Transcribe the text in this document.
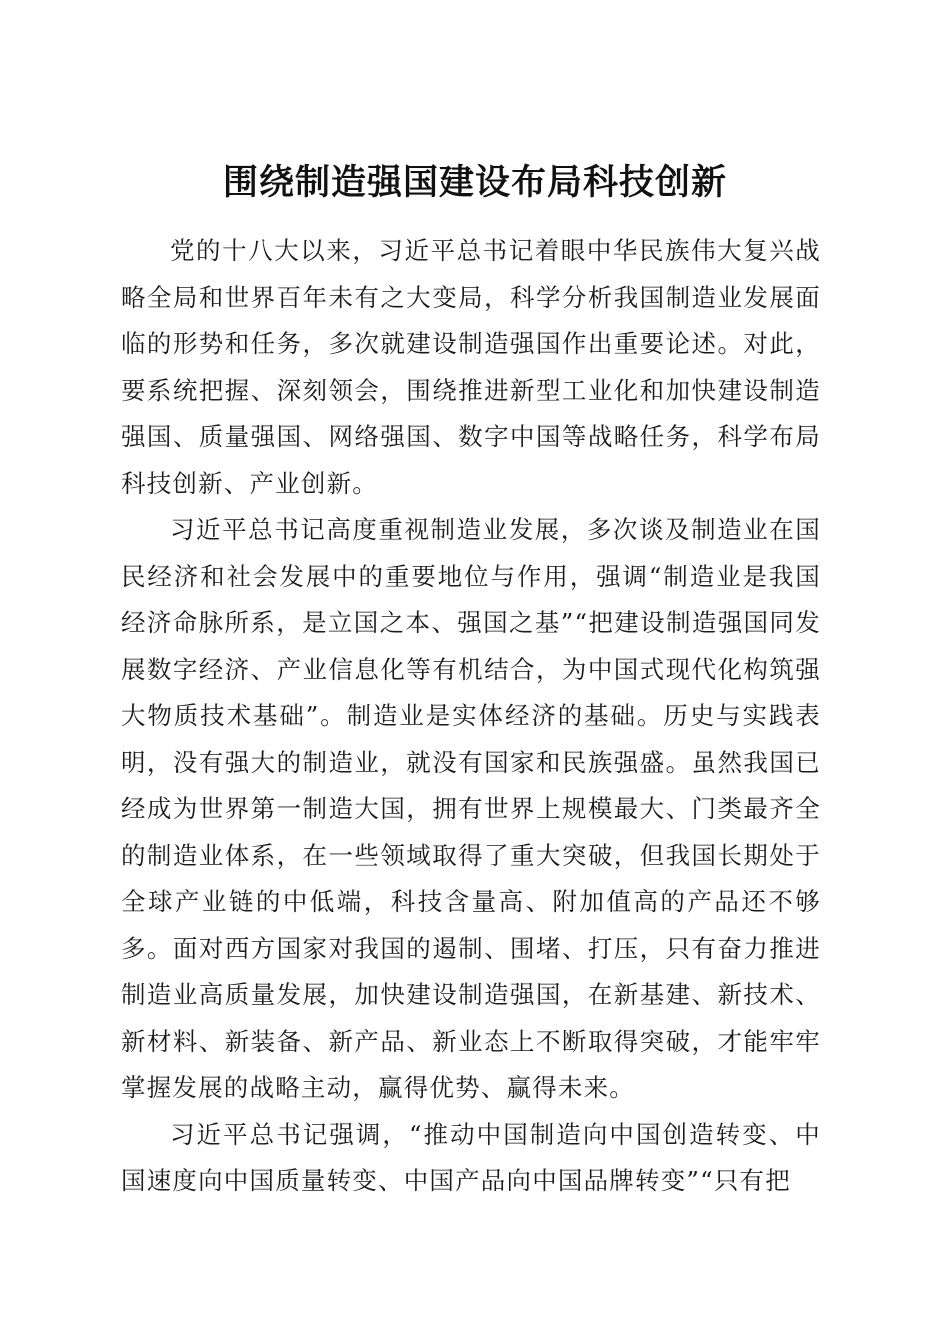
围绕制造强国建设布局科技创新

党的十八大以来，习近平总书记着眼中华民族伟大复兴战略全局和世界百年未有之大变局，科学分析我国制造业发展面临的形势和任务，多次就建设制造强国作出重要论述。对此，要系统把握、深刻领会，围绕推进新型工业化和加快建设制造强国、质量强国、网络强国、数字中国等战略任务，科学布局科技创新、产业创新。

习近平总书记高度重视制造业发展，多次谈及制造业在国民经济和社会发展中的重要地位与作用，强调“制造业是我国经济命脉所系，是立国之本、强国之基”“把建设制造强国同发展数字经济、产业信息化等有机结合，为中国式现代化构筑强大物质技术基础”。制造业是实体经济的基础。历史与实践表明，没有强大的制造业，就没有国家和民族强盛。虽然我国已经成为世界第一制造大国，拥有世界上规模最大、门类最齐全的制造业体系，在一些领域取得了重大突破，但我国长期处于全球产业链的中低端，科技含量高、附加值高的产品还不够多。面对西方国家对我国的遏制、围堵、打压，只有奋力推进制造业高质量发展，加快建设制造强国，在新基建、新技术、新材料、新装备、新产品、新业态上不断取得突破，才能牢牢掌握发展的战略主动，赢得优势、赢得未来。

习近平总书记强调，“推动中国制造向中国创造转变、中国速度向中国质量转变、中国产品向中国品牌转变”“只有把
